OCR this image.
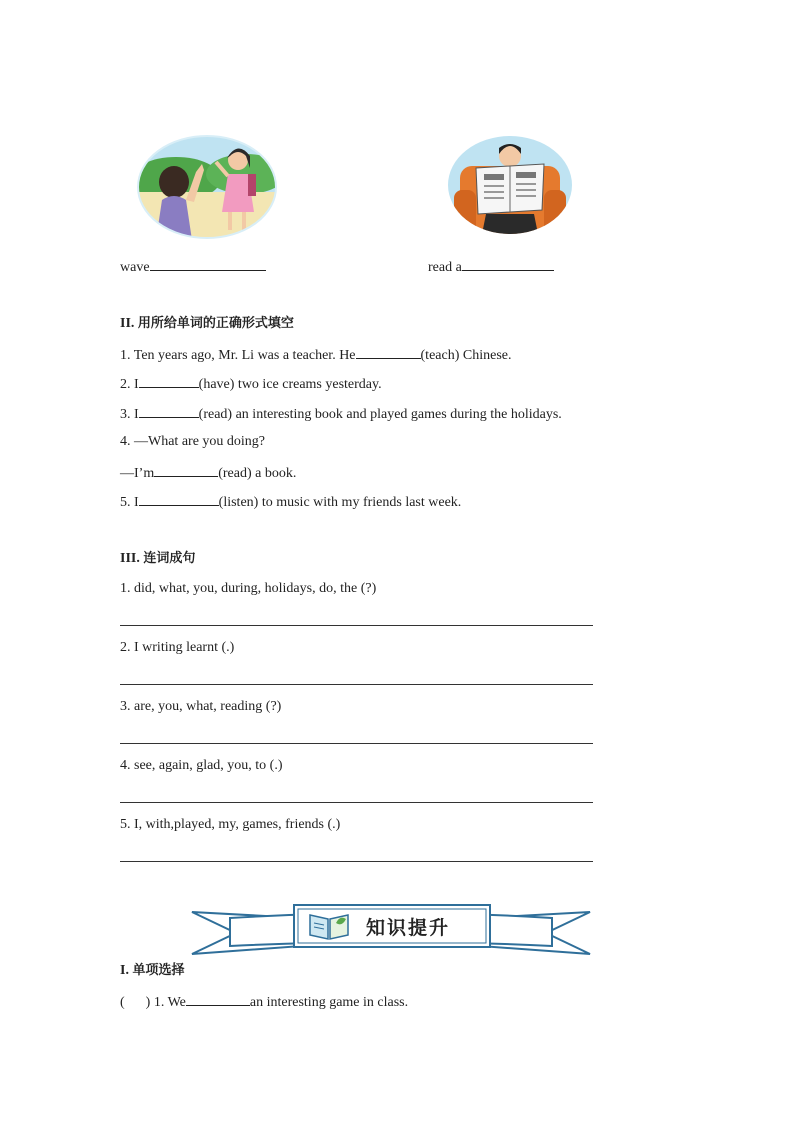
wave	read a
II. 用所给单词的正确形式填空
1. Ten years ago, Mr. Li was a teacher. He	(teach) Chinese.
2. I	(have) two ice creams yesterday.
3. I	(read) an interesting book and played games during the holidays.
4. —What are you doing?
—I’m	(read) a book.
5. I	(listen) to music with my friends last week.
III. 连词成句
1. did, what, you, during, holidays, do, the (?)
2. I writing learnt (.)
3. are, you, what, reading (?)
4. see, again, glad, you, to (.)
5. I, with,played, my, games, friends (.)
知识提升
I. 单项选择
(      ) 1. We	an interesting game in class.
